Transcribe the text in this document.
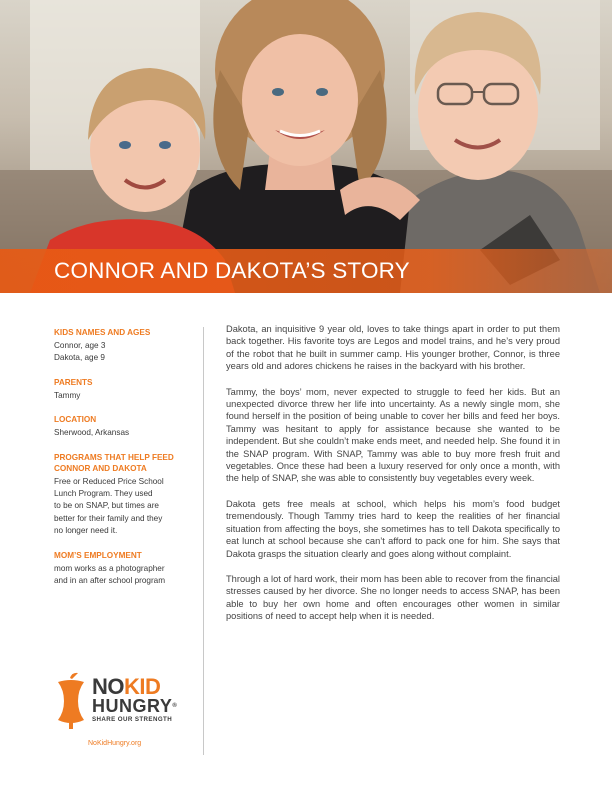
CONNOR AND DAKOTA’S STORY
KIDS NAMES AND AGES
Connor, age 3
Dakota, age 9
PARENTS
Tammy
LOCATION
Sherwood, Arkansas
PROGRAMS THAT HELP FEED
CONNOR AND DAKOTA
Free or Reduced Price School
Lunch Program. They used
to be on SNAP, but times are
better for their family and they
no longer need it.
MOM’S EMPLOYMENT
mom works as a photographer
and in an after school program

Dakota, an inquisitive 9 year old, loves to take things apart in order to put them back together. His favorite toys are Legos and model trains, and he’s very proud of the robot that he built in summer camp. His younger brother, Connor, is three years old and adores chickens he raises in the backyard with his brother.

Tammy, the boys’ mom, never expected to struggle to feed her kids. But an unexpected divorce threw her life into uncertainty. As a newly single mom, she found herself in the position of being unable to cover her bills and feed her boys. Tammy was hesitant to apply for assistance because she wanted to be independent. But she couldn’t make ends meet, and needed help. She found it in the SNAP program. With SNAP, Tammy was able to buy more fresh fruit and vegetables. Once these had been a luxury reserved for only once a month, with the help of SNAP, she was able to consistently buy vegetables every week.

Dakota gets free meals at school, which helps his mom’s food budget tremendously. Though Tammy tries hard to keep the realities of her financial situation from affecting the boys, she sometimes has to tell Dakota specifically to eat lunch at school because she can’t afford to pack one for him. She says that Dakota grasps the situation clearly and goes along without complaint.

Through a lot of hard work, their mom has been able to recover from the financial stresses caused by her divorce. She no longer needs to access SNAP, has been able to buy her own home and often encourages other women in similar positions of need to accept help when it is needed.

NOKID
HUNGRY®
SHARE OUR STRENGTH
NoKidHungry.org
